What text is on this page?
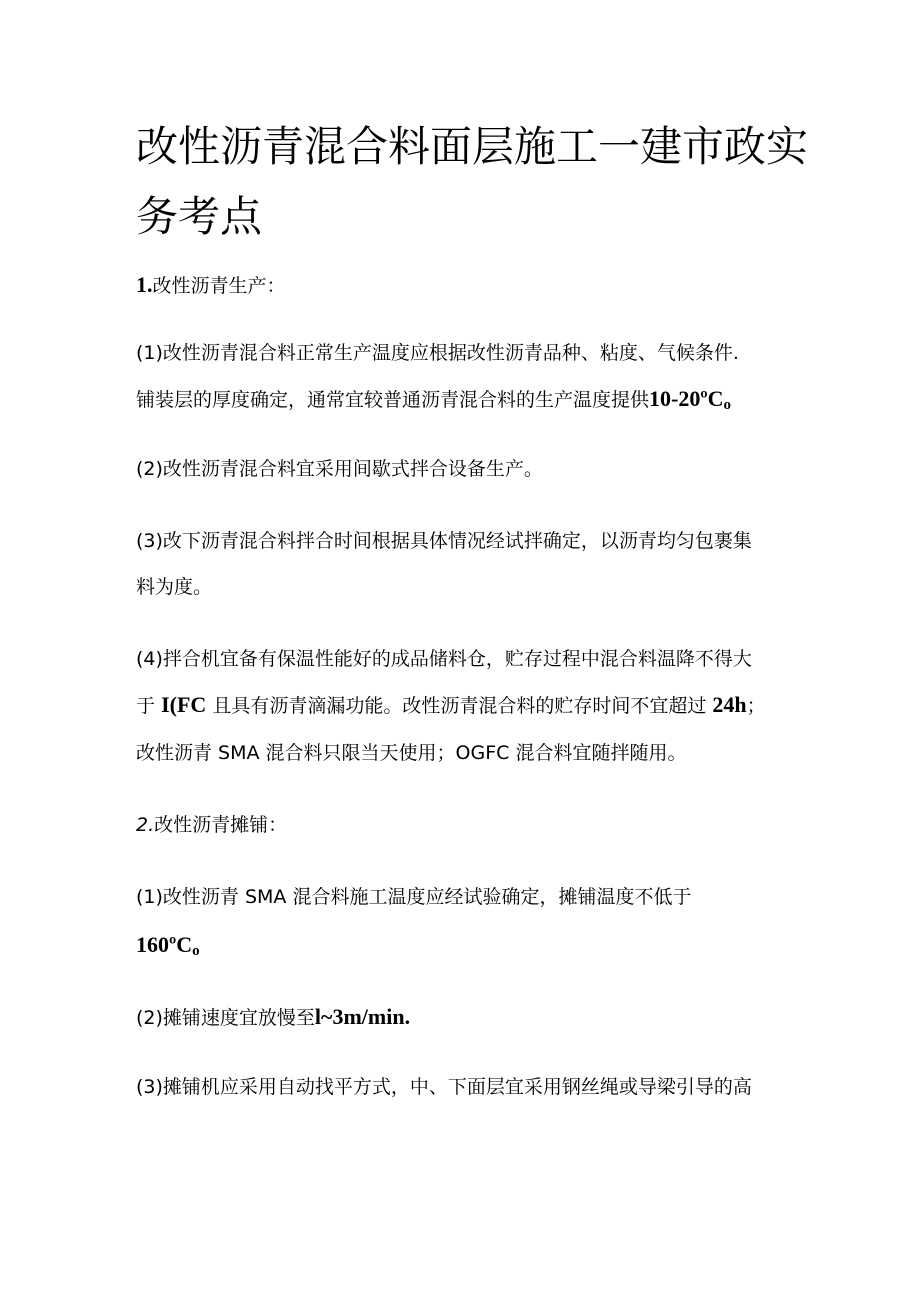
改性沥青混合料面层施工一建市政实务考点

1.改性沥青生产：

(1)改性沥青混合料正常生产温度应根据改性沥青品种、粘度、气候条件.

铺装层的厚度确定，通常宜较普通沥青混合料的生产温度提供10-20ºCo

(2)改性沥青混合料宜采用间歇式拌合设备生产。

(3)改下沥青混合料拌合时间根据具体情况经试拌确定，以沥青均匀包裹集

料为度。

(4)拌合机宜备有保温性能好的成品储料仓，贮存过程中混合料温降不得大

于 I(FC 且具有沥青滴漏功能。改性沥青混合料的贮存时间不宜超过 24h；

改性沥青 SMA 混合料只限当天使用；OGFC 混合料宜随拌随用。

2.改性沥青摊铺：

(1)改性沥青 SMA 混合料施工温度应经试验确定，摊铺温度不低于

160ºCo

(2)摊铺速度宜放慢至l~3m/min.

(3)摊铺机应采用自动找平方式，中、下面层宜采用钢丝绳或导梁引导的高
